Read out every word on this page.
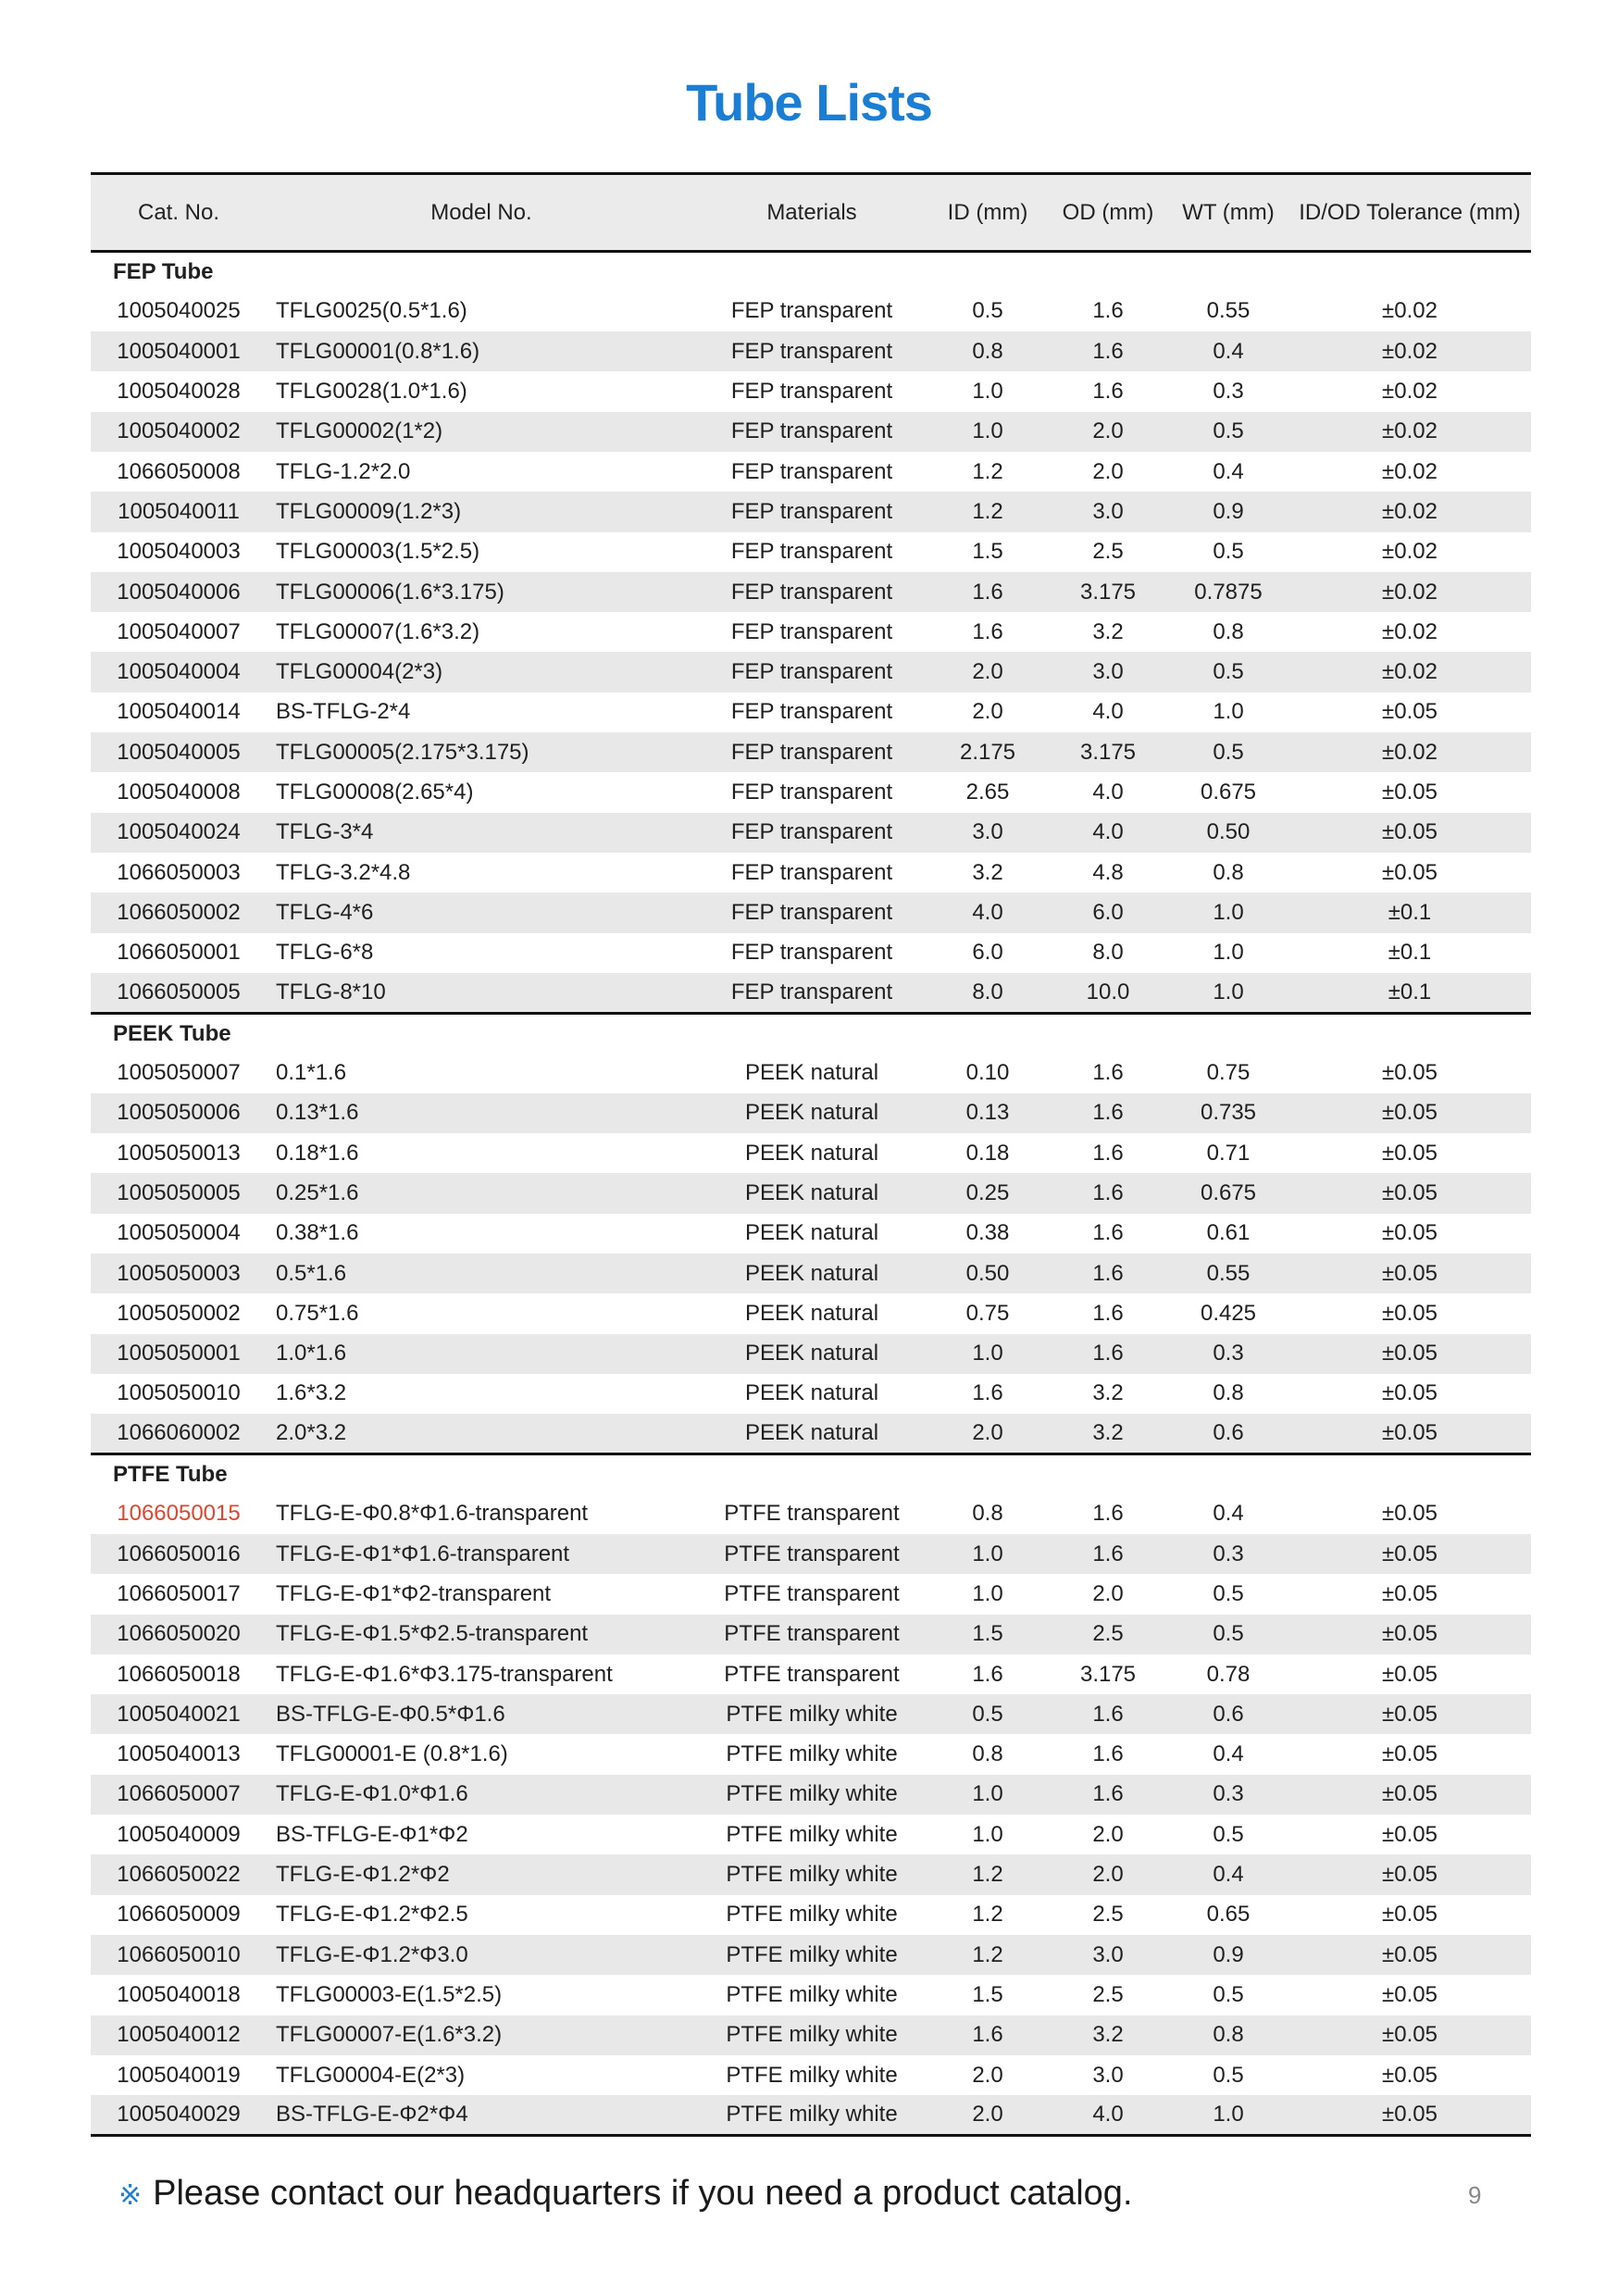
Tube Lists
Cat. No.	Model No.	Materials	ID (mm)	OD (mm)	WT (mm)	ID/OD Tolerance (mm)
FEP Tube						
1005040025	TFLG0025(0.5*1.6)	FEP transparent	0.5	1.6	0.55	±0.02
1005040001	TFLG00001(0.8*1.6)	FEP transparent	0.8	1.6	0.4	±0.02
1005040028	TFLG0028(1.0*1.6)	FEP transparent	1.0	1.6	0.3	±0.02
1005040002	TFLG00002(1*2)	FEP transparent	1.0	2.0	0.5	±0.02
1066050008	TFLG-1.2*2.0	FEP transparent	1.2	2.0	0.4	±0.02
1005040011	TFLG00009(1.2*3)	FEP transparent	1.2	3.0	0.9	±0.02
1005040003	TFLG00003(1.5*2.5)	FEP transparent	1.5	2.5	0.5	±0.02
1005040006	TFLG00006(1.6*3.175)	FEP transparent	1.6	3.175	0.7875	±0.02
1005040007	TFLG00007(1.6*3.2)	FEP transparent	1.6	3.2	0.8	±0.02
1005040004	TFLG00004(2*3)	FEP transparent	2.0	3.0	0.5	±0.02
1005040014	BS-TFLG-2*4	FEP transparent	2.0	4.0	1.0	±0.05
1005040005	TFLG00005(2.175*3.175)	FEP transparent	2.175	3.175	0.5	±0.02
1005040008	TFLG00008(2.65*4)	FEP transparent	2.65	4.0	0.675	±0.05
1005040024	TFLG-3*4	FEP transparent	3.0	4.0	0.50	±0.05
1066050003	TFLG-3.2*4.8	FEP transparent	3.2	4.8	0.8	±0.05
1066050002	TFLG-4*6	FEP transparent	4.0	6.0	1.0	±0.1
1066050001	TFLG-6*8	FEP transparent	6.0	8.0	1.0	±0.1
1066050005	TFLG-8*10	FEP transparent	8.0	10.0	1.0	±0.1
PEEK Tube						
1005050007	0.1*1.6	PEEK natural	0.10	1.6	0.75	±0.05
1005050006	0.13*1.6	PEEK natural	0.13	1.6	0.735	±0.05
1005050013	0.18*1.6	PEEK natural	0.18	1.6	0.71	±0.05
1005050005	0.25*1.6	PEEK natural	0.25	1.6	0.675	±0.05
1005050004	0.38*1.6	PEEK natural	0.38	1.6	0.61	±0.05
1005050003	0.5*1.6	PEEK natural	0.50	1.6	0.55	±0.05
1005050002	0.75*1.6	PEEK natural	0.75	1.6	0.425	±0.05
1005050001	1.0*1.6	PEEK natural	1.0	1.6	0.3	±0.05
1005050010	1.6*3.2	PEEK natural	1.6	3.2	0.8	±0.05
1066060002	2.0*3.2	PEEK natural	2.0	3.2	0.6	±0.05
PTFE Tube						
1066050015	TFLG-E-Φ0.8*Φ1.6-transparent	PTFE transparent	0.8	1.6	0.4	±0.05
1066050016	TFLG-E-Φ1*Φ1.6-transparent	PTFE transparent	1.0	1.6	0.3	±0.05
1066050017	TFLG-E-Φ1*Φ2-transparent	PTFE transparent	1.0	2.0	0.5	±0.05
1066050020	TFLG-E-Φ1.5*Φ2.5-transparent	PTFE transparent	1.5	2.5	0.5	±0.05
1066050018	TFLG-E-Φ1.6*Φ3.175-transparent	PTFE transparent	1.6	3.175	0.78	±0.05
1005040021	BS-TFLG-E-Φ0.5*Φ1.6	PTFE milky white	0.5	1.6	0.6	±0.05
1005040013	TFLG00001-E (0.8*1.6)	PTFE milky white	0.8	1.6	0.4	±0.05
1066050007	TFLG-E-Φ1.0*Φ1.6	PTFE milky white	1.0	1.6	0.3	±0.05
1005040009	BS-TFLG-E-Φ1*Φ2	PTFE milky white	1.0	2.0	0.5	±0.05
1066050022	TFLG-E-Φ1.2*Φ2	PTFE milky white	1.2	2.0	0.4	±0.05
1066050009	TFLG-E-Φ1.2*Φ2.5	PTFE milky white	1.2	2.5	0.65	±0.05
1066050010	TFLG-E-Φ1.2*Φ3.0	PTFE milky white	1.2	3.0	0.9	±0.05
1005040018	TFLG00003-E(1.5*2.5)	PTFE milky white	1.5	2.5	0.5	±0.05
1005040012	TFLG00007-E(1.6*3.2)	PTFE milky white	1.6	3.2	0.8	±0.05
1005040019	TFLG00004-E(2*3)	PTFE milky white	2.0	3.0	0.5	±0.05
1005040029	BS-TFLG-E-Φ2*Φ4	PTFE milky white	2.0	4.0	1.0	±0.05
※ Please contact our headquarters if you need a product catalog.	9
